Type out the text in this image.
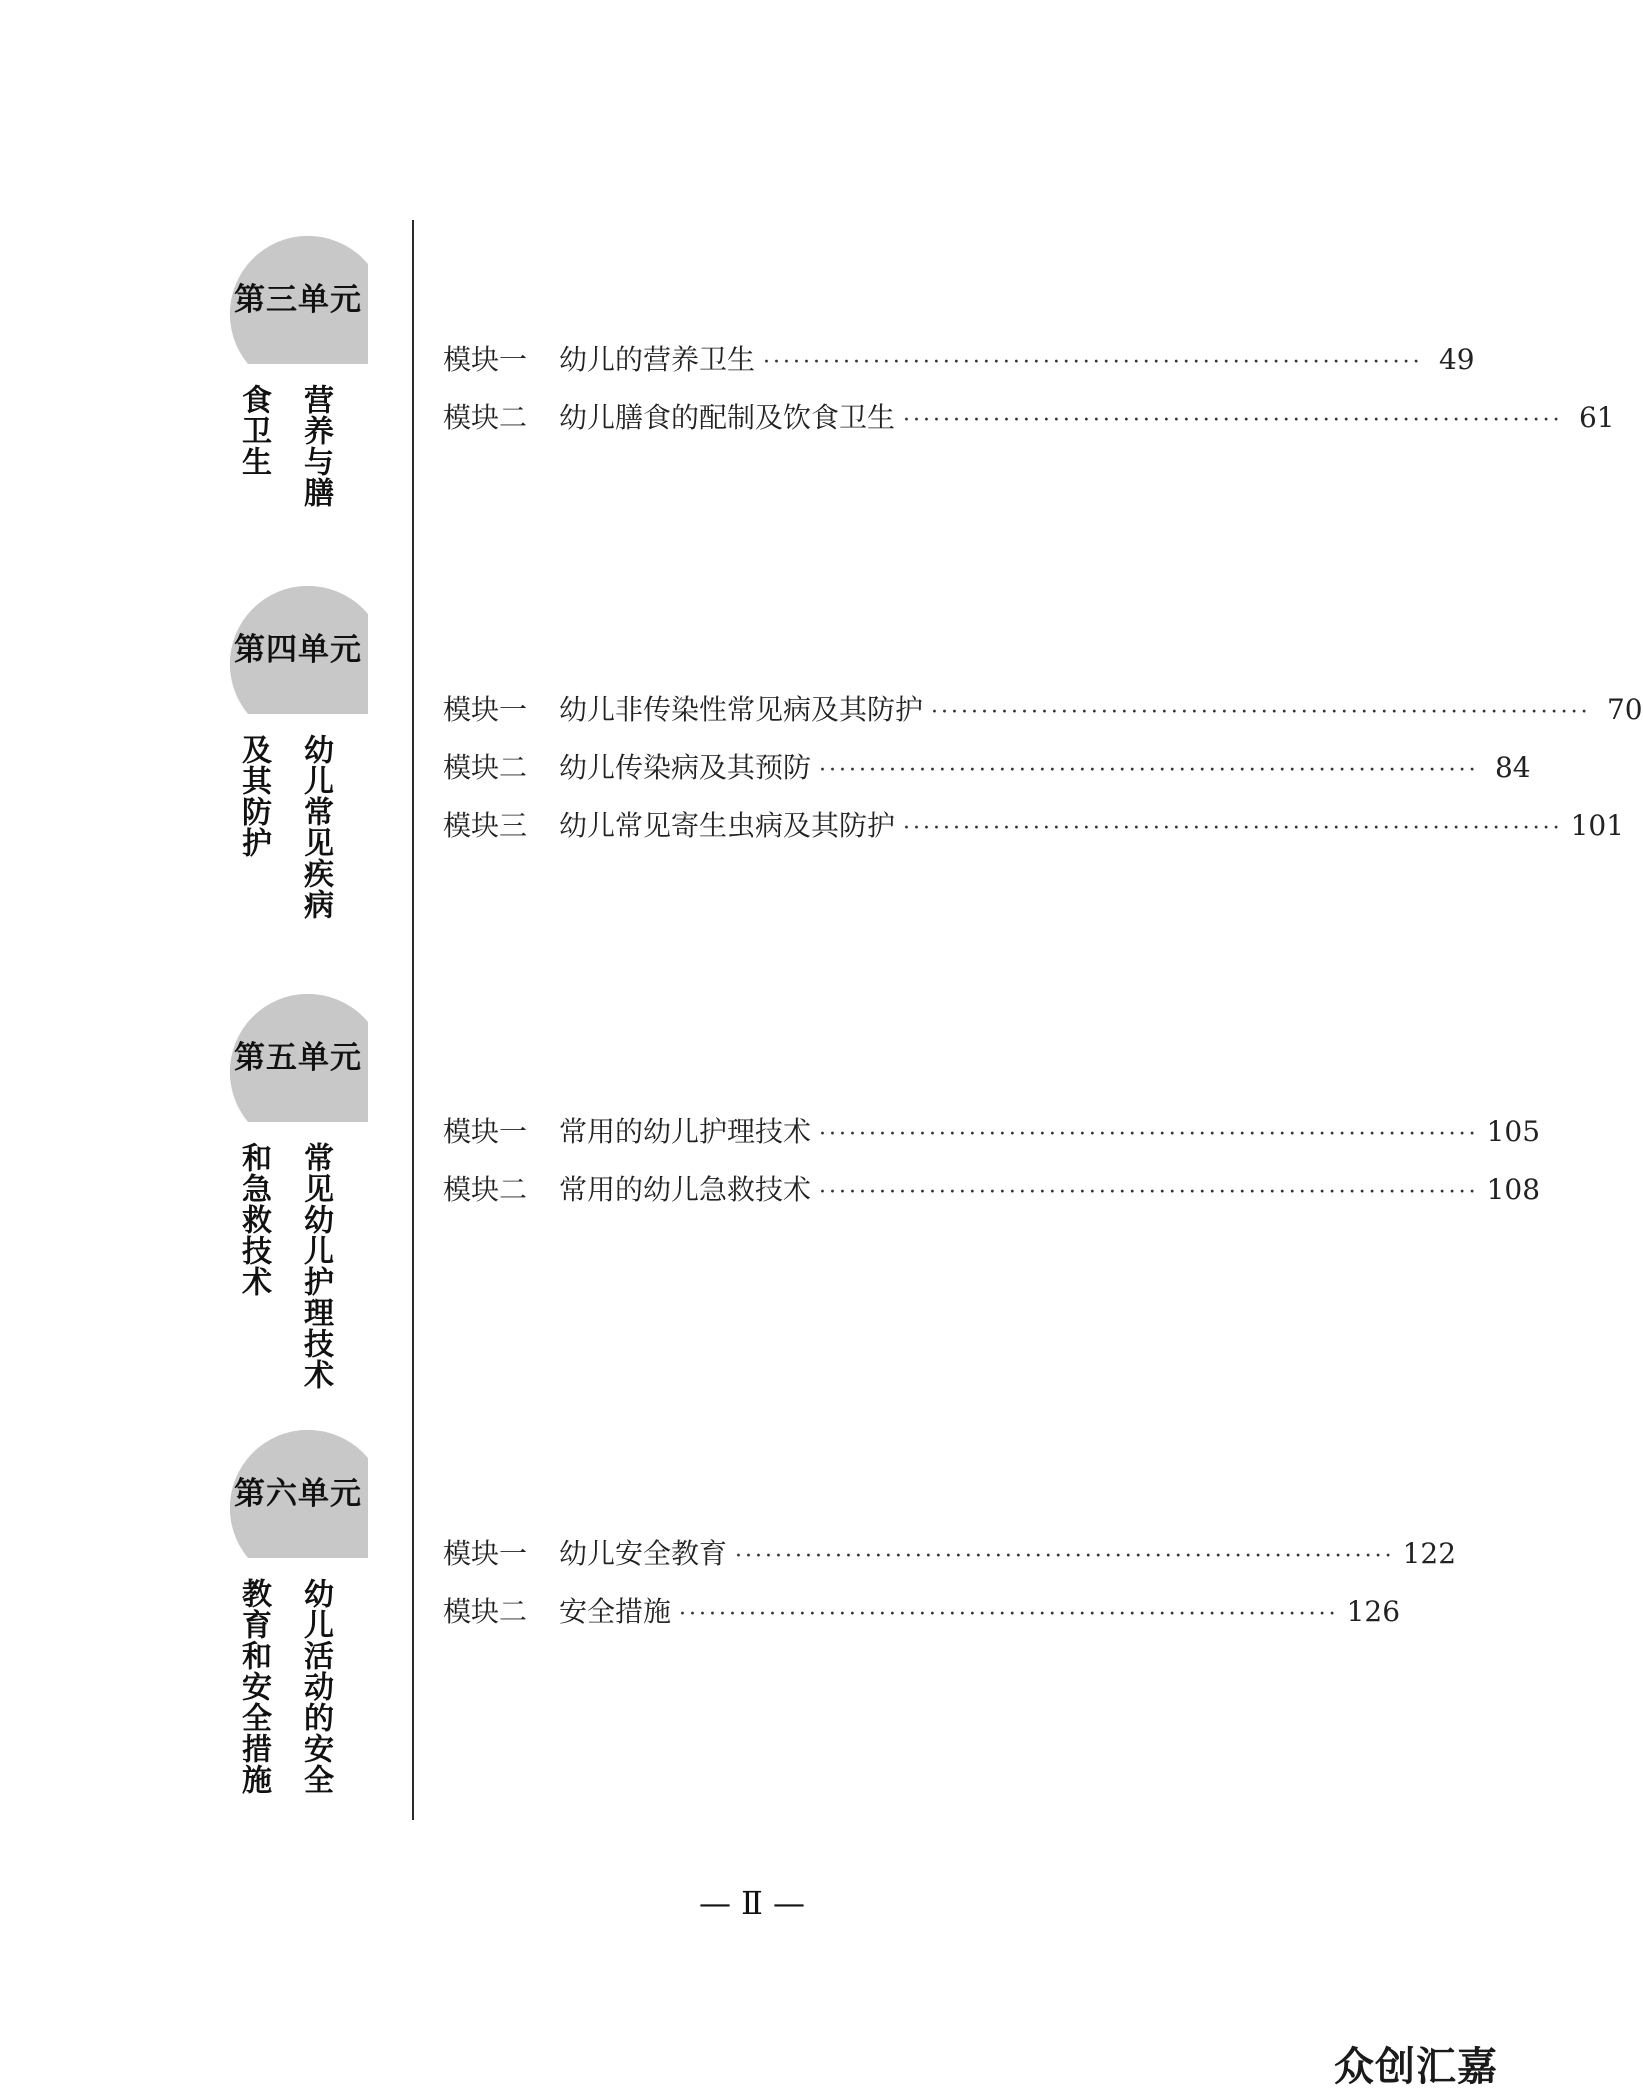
第三单元
营养与膳食卫生
模块一	幼儿的营养卫生 ·································································· 49
模块二	幼儿膳食的配制及饮食卫生 ·································································· 61
第四单元
幼儿常见疾病及其防护
模块一	幼儿非传染性常见病及其防护 ·································································· 70
模块二	幼儿传染病及其预防 ·································································· 84
模块三	幼儿常见寄生虫病及其防护 ·································································· 101
第五单元
常见幼儿护理技术和急救技术
模块一	常用的幼儿护理技术 ·································································· 105
模块二	常用的幼儿急救技术 ·································································· 108
第六单元
幼儿活动的安全教育和安全措施
模块一	幼儿安全教育 ·································································· 122
模块二	安全措施 ·································································· 126
— Ⅱ —
众创汇嘉
